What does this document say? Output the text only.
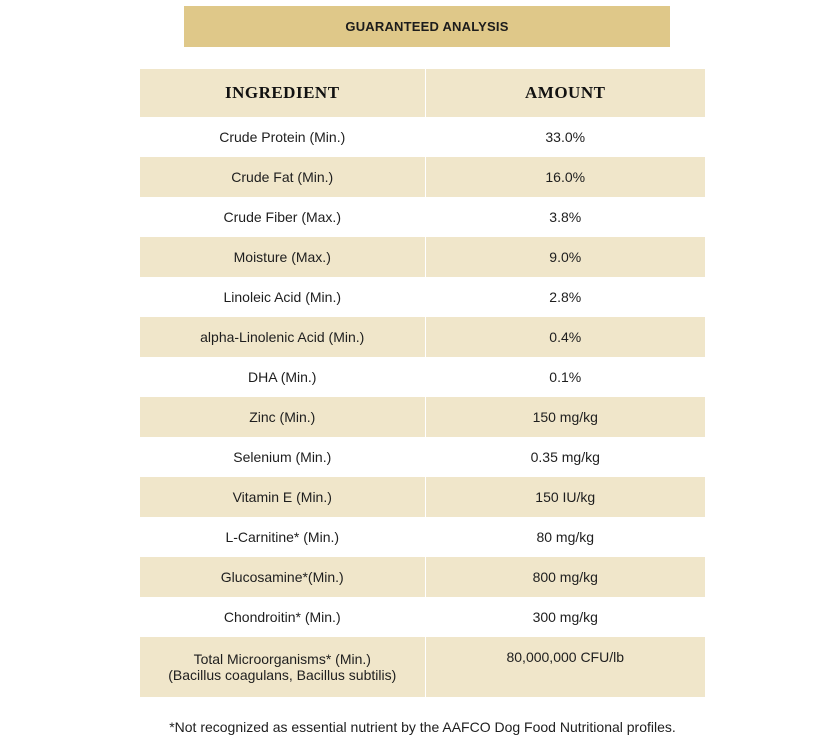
GUARANTEED ANALYSIS
INGREDIENT	AMOUNT
Crude Protein (Min.)	33.0%
Crude Fat (Min.)	16.0%
Crude Fiber (Max.)	3.8%
Moisture (Max.)	9.0%
Linoleic Acid (Min.)	2.8%
alpha-Linolenic Acid (Min.)	0.4%
DHA (Min.)	0.1%
Zinc (Min.)	150 mg/kg
Selenium (Min.)	0.35 mg/kg
Vitamin E (Min.)	150 IU/kg
L-Carnitine* (Min.)	80 mg/kg
Glucosamine*(Min.)	800 mg/kg
Chondroitin* (Min.)	300 mg/kg

Total Microorganisms* (Min.)
(Bacillus coagulans, Bacillus subtilis)	80,000,000 CFU/lb
*Not recognized as essential nutrient by the AAFCO Dog Food Nutritional profiles.
